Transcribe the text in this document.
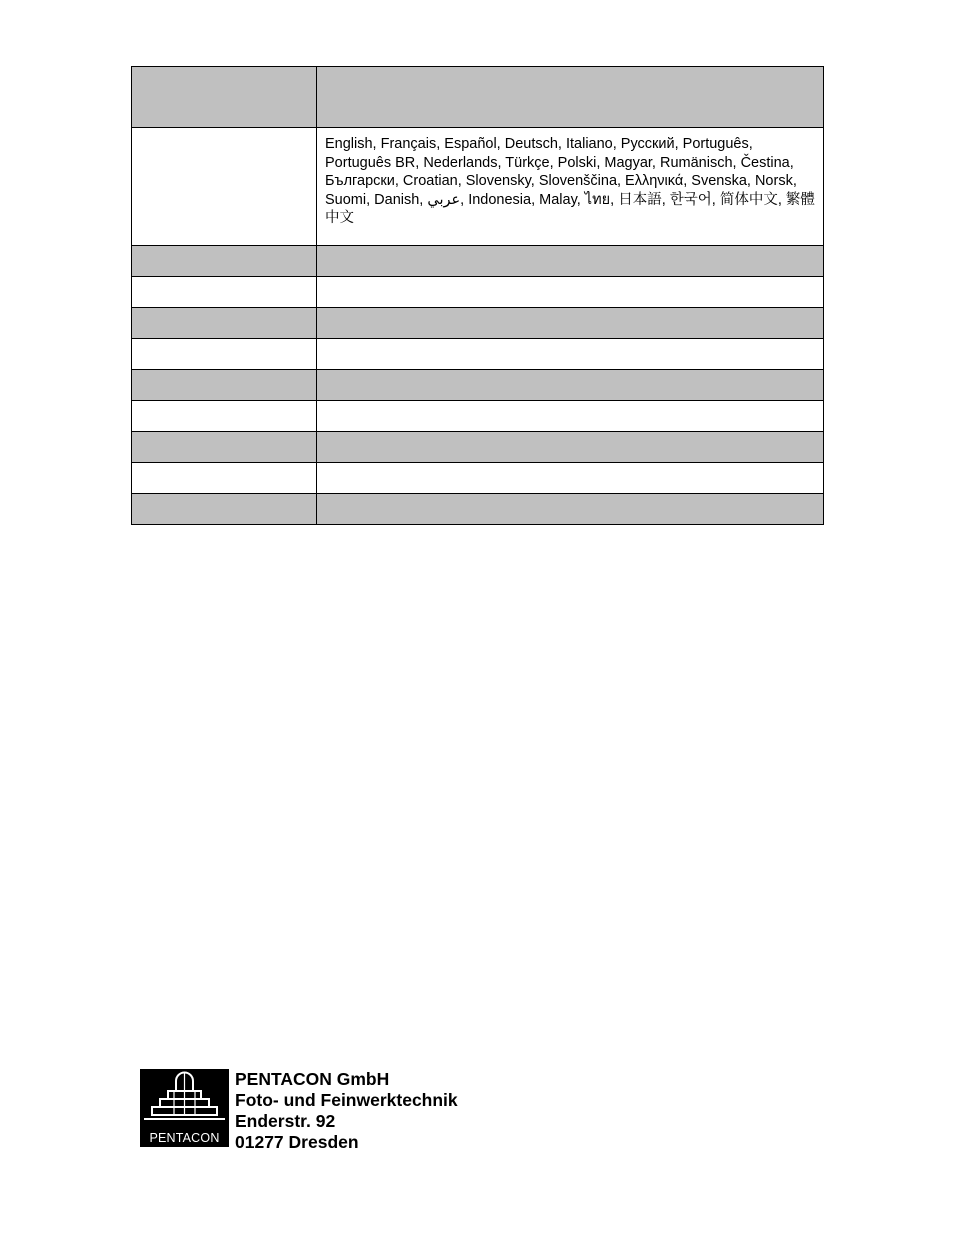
	English, Français, Español, Deutsch, Italiano, Русский, Português, Português BR, Nederlands, Türkçe, Polski, Magyar, Rumänisch, Čestina, Български, Croatian, Slovensky, Slovenščina, Ελληνικά, Svenska, Norsk, Suomi, Danish, عربي, Indonesia, Malay, ไทย, 日本語, 한국어, 简体中文, 繁體中文

PENTACON
PENTACON GmbH
Foto- und Feinwerktechnik
Enderstr. 92
01277 Dresden
